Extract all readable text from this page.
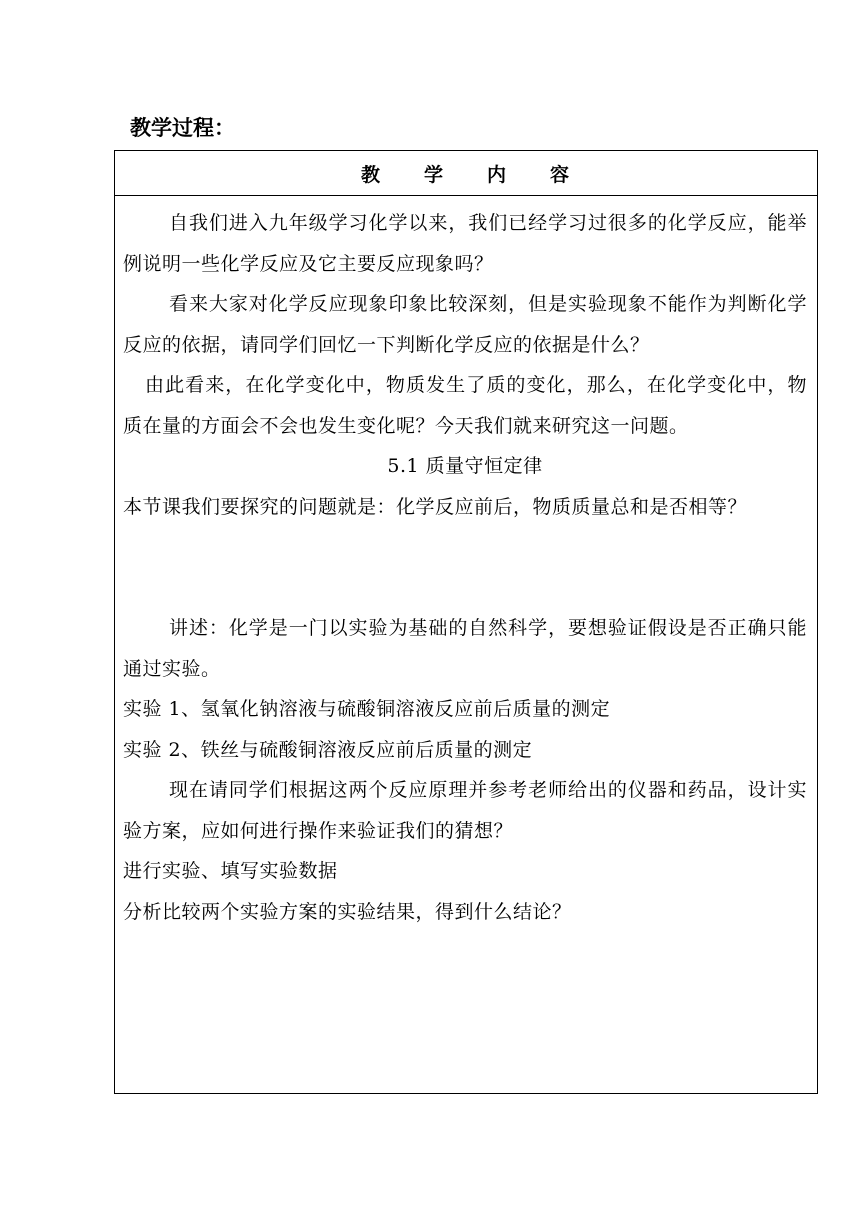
教学过程：
教　　学　　内　　容

自我们进入九年级学习化学以来，我们已经学习过很多的化学反应，能举例说明一些化学反应及它主要反应现象吗？

看来大家对化学反应现象印象比较深刻，但是实验现象不能作为判断化学反应的依据，请同学们回忆一下判断化学反应的依据是什么？

由此看来，在化学变化中，物质发生了质的变化，那么，在化学变化中，物质在量的方面会不会也发生变化呢？今天我们就来研究这一问题。

5.1 质量守恒定律

本节课我们要探究的问题就是：化学反应前后，物质质量总和是否相等？

讲述：化学是一门以实验为基础的自然科学，要想验证假设是否正确只能通过实验。

实验 1、氢氧化钠溶液与硫酸铜溶液反应前后质量的测定

实验 2、铁丝与硫酸铜溶液反应前后质量的测定

现在请同学们根据这两个反应原理并参考老师给出的仪器和药品，设计实验方案，应如何进行操作来验证我们的猜想？

进行实验、填写实验数据

分析比较两个实验方案的实验结果，得到什么结论？
